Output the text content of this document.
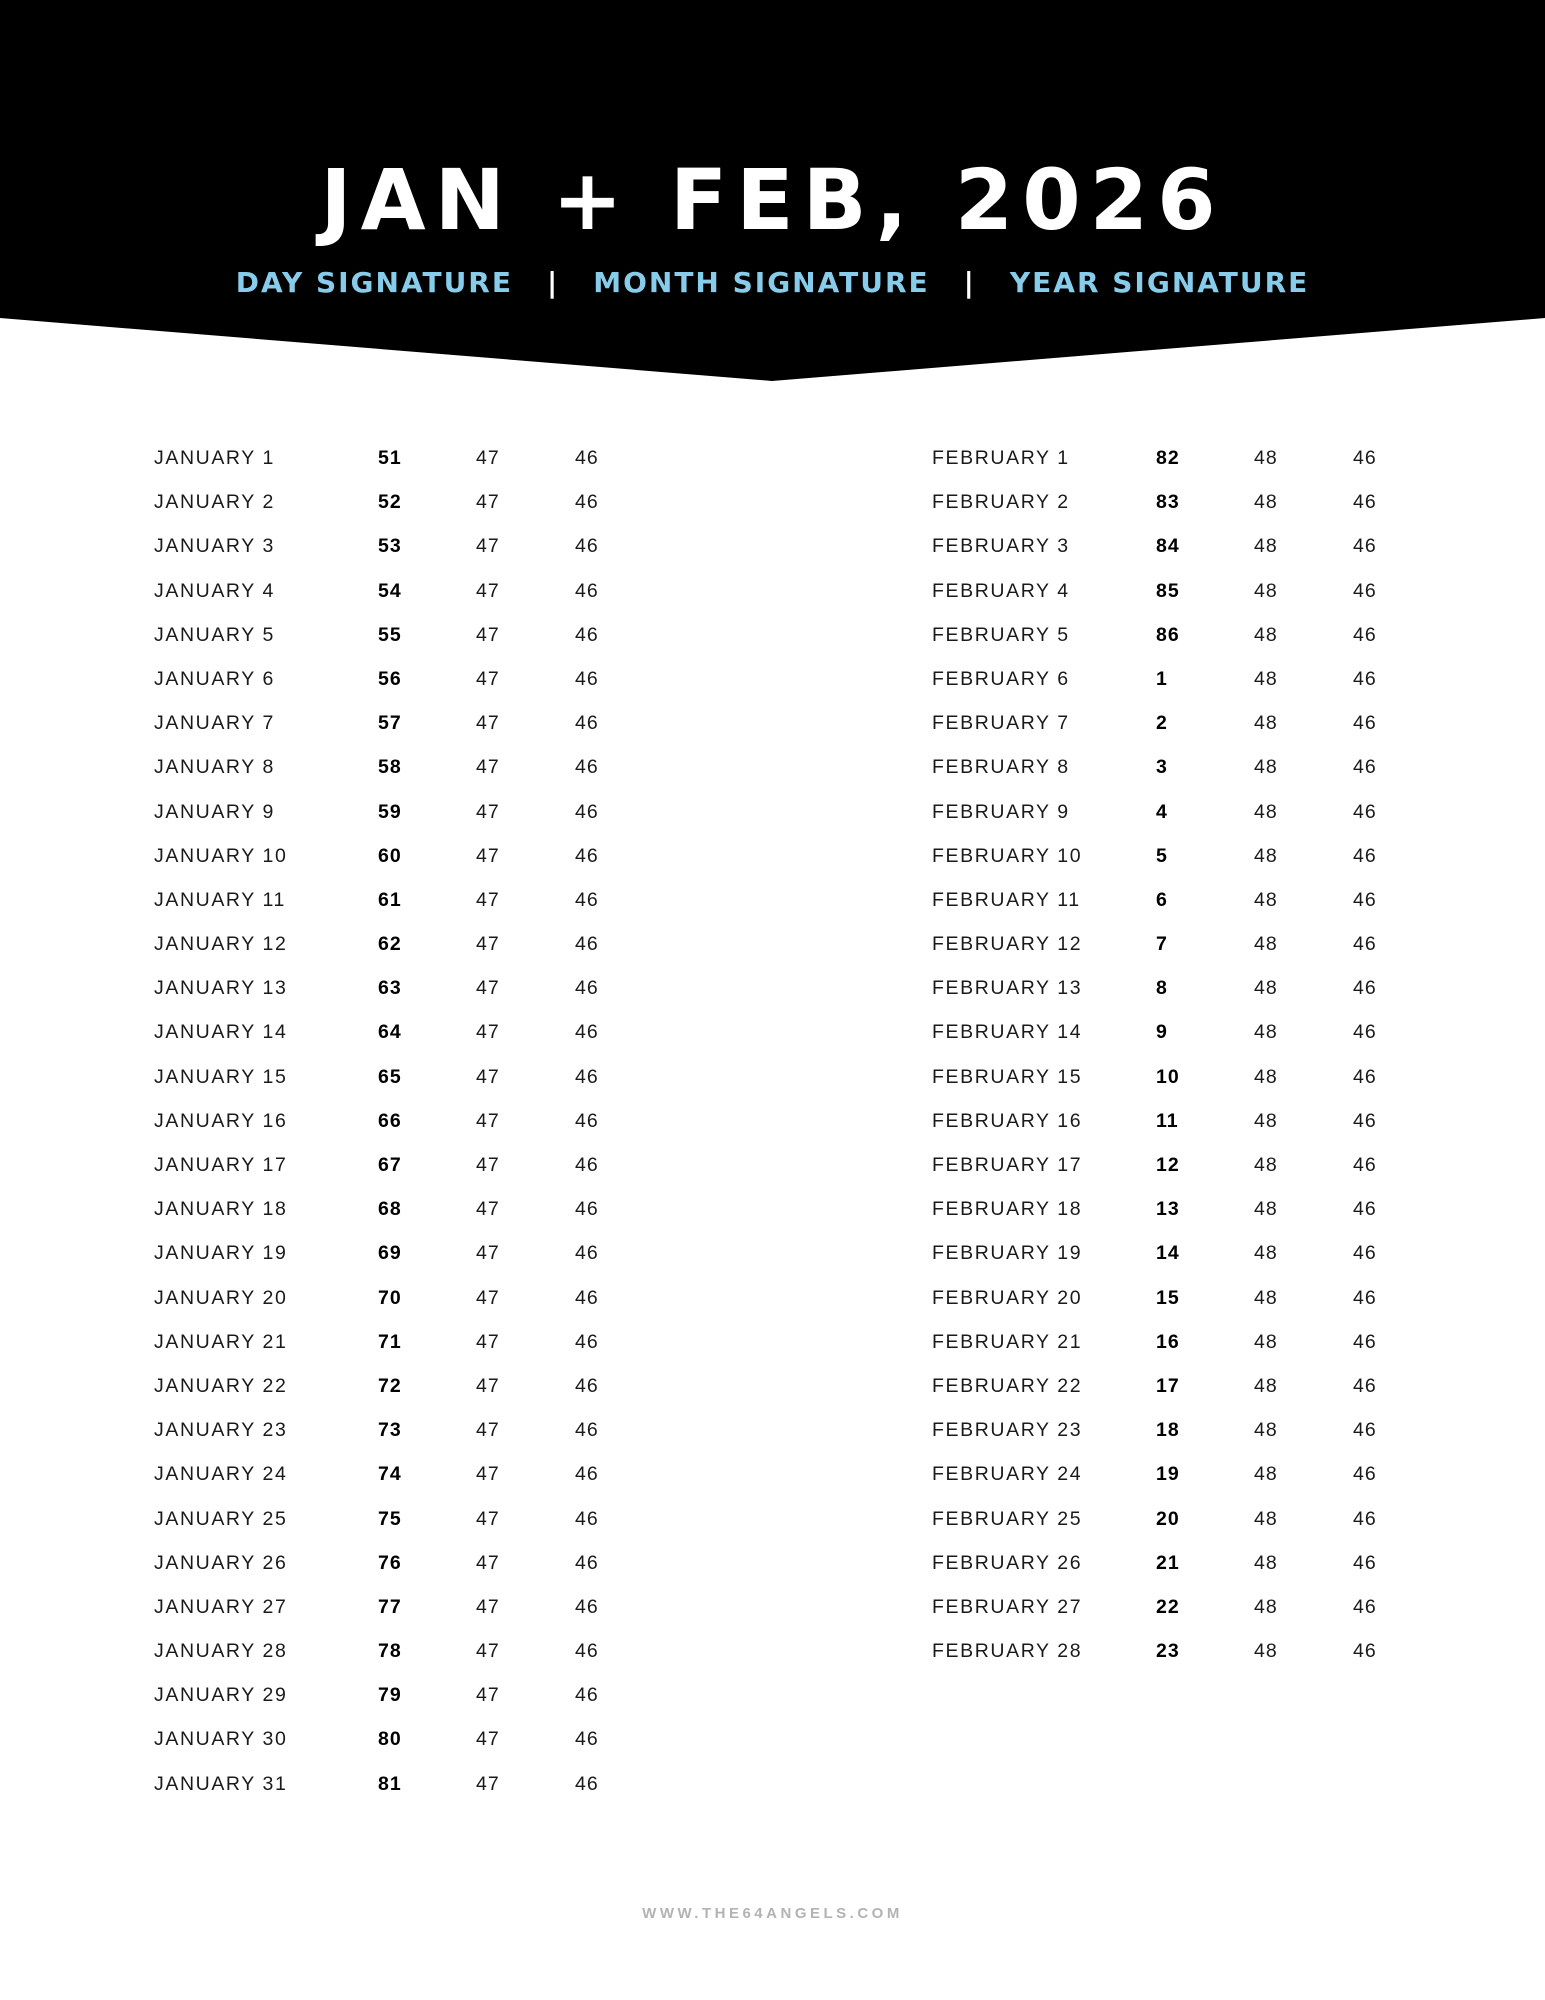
JAN + FEB, 2026
DAY SIGNATURE | MONTH SIGNATURE | YEAR SIGNATURE
JANUARY 1	51	47	46
JANUARY 2	52	47	46
JANUARY 3	53	47	46
JANUARY 4	54	47	46
JANUARY 5	55	47	46
JANUARY 6	56	47	46
JANUARY 7	57	47	46
JANUARY 8	58	47	46
JANUARY 9	59	47	46
JANUARY 10	60	47	46
JANUARY 11	61	47	46
JANUARY 12	62	47	46
JANUARY 13	63	47	46
JANUARY 14	64	47	46
JANUARY 15	65	47	46
JANUARY 16	66	47	46
JANUARY 17	67	47	46
JANUARY 18	68	47	46
JANUARY 19	69	47	46
JANUARY 20	70	47	46
JANUARY 21	71	47	46
JANUARY 22	72	47	46
JANUARY 23	73	47	46
JANUARY 24	74	47	46
JANUARY 25	75	47	46
JANUARY 26	76	47	46
JANUARY 27	77	47	46
JANUARY 28	78	47	46
JANUARY 29	79	47	46
JANUARY 30	80	47	46
JANUARY 31	81	47	46
FEBRUARY 1	82	48	46
FEBRUARY 2	83	48	46
FEBRUARY 3	84	48	46
FEBRUARY 4	85	48	46
FEBRUARY 5	86	48	46
FEBRUARY 6	1	48	46
FEBRUARY 7	2	48	46
FEBRUARY 8	3	48	46
FEBRUARY 9	4	48	46
FEBRUARY 10	5	48	46
FEBRUARY 11	6	48	46
FEBRUARY 12	7	48	46
FEBRUARY 13	8	48	46
FEBRUARY 14	9	48	46
FEBRUARY 15	10	48	46
FEBRUARY 16	11	48	46
FEBRUARY 17	12	48	46
FEBRUARY 18	13	48	46
FEBRUARY 19	14	48	46
FEBRUARY 20	15	48	46
FEBRUARY 21	16	48	46
FEBRUARY 22	17	48	46
FEBRUARY 23	18	48	46
FEBRUARY 24	19	48	46
FEBRUARY 25	20	48	46
FEBRUARY 26	21	48	46
FEBRUARY 27	22	48	46
FEBRUARY 28	23	48	46
WWW.THE64ANGELS.COM
